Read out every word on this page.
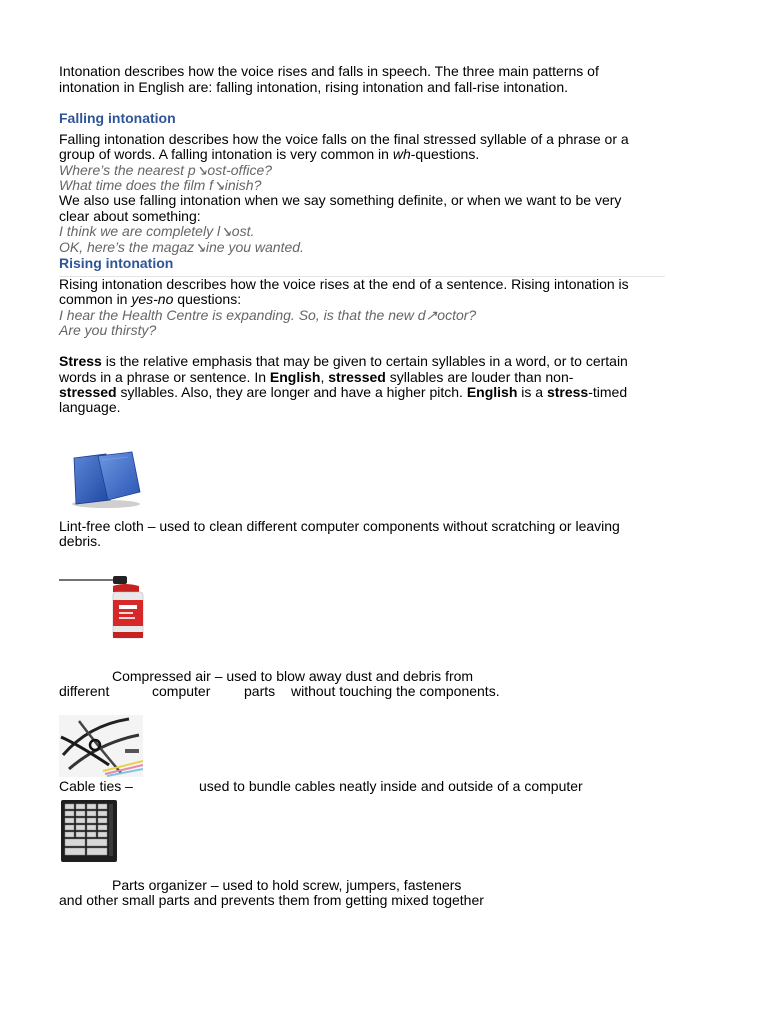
Intonation describes how the voice rises and falls in speech. The three main patterns of
intonation in English are: falling intonation, rising intonation and fall-rise intonation.
Falling intonation
Falling intonation describes how the voice falls on the final stressed syllable of a phrase or a
group of words. A falling intonation is very common in wh-questions.
Where’s the nearest p↘ost-office?
What time does the film f↘inish?
We also use falling intonation when we say something definite, or when we want to be very
clear about something:
I think we are completely l↘ost.
OK, here’s the magaz↘ine you wanted.
Rising intonation
Rising intonation describes how the voice rises at the end of a sentence. Rising intonation is
common in yes-no questions:
I hear the Health Centre is expanding. So, is that the new d↗octor?
Are you thirsty?
Stress is the relative emphasis that may be given to certain syllables in a word, or to certain
words in a phrase or sentence. In English, stressed syllables are louder than non-
stressed syllables. Also, they are longer and have a higher pitch. English is a stress-timed
language.
Lint-free cloth – used to clean different computer components without scratching or leaving
debris.
Compressed air – used to blow away dust and debris from
different	computer parts without touching the components.
Cable ties –	used to bundle cables neatly inside and outside of a computer
Parts organizer – used to hold screw, jumpers, fasteners
and other small parts and prevents them from getting mixed together
